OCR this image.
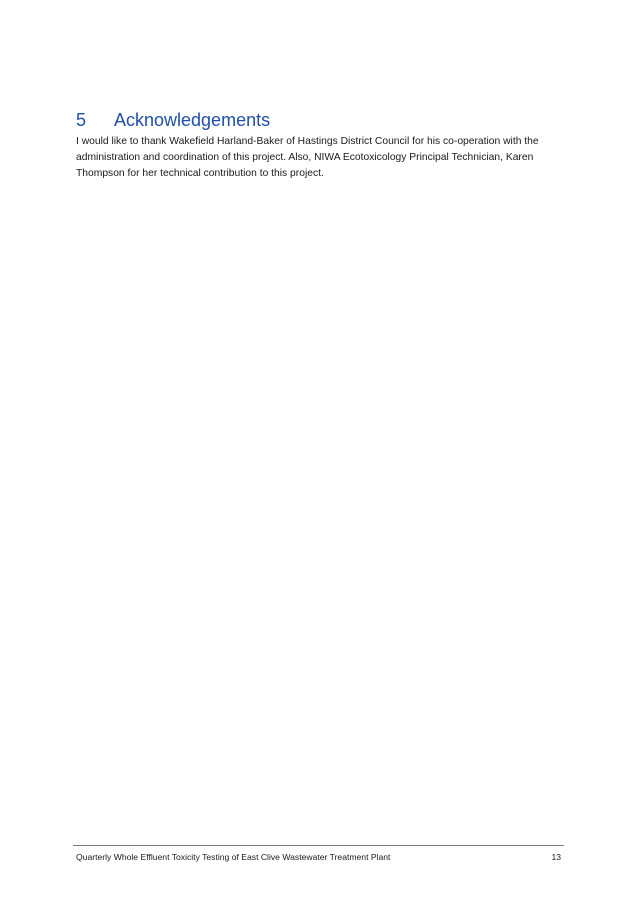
5	Acknowledgements

I would like to thank Wakefield Harland-Baker of Hastings District Council for his co-operation with the administration and coordination of this project. Also, NIWA Ecotoxicology Principal Technician, Karen Thompson for her technical contribution to this project.

Quarterly Whole Effluent Toxicity Testing of East Clive Wastewater Treatment Plant	13
